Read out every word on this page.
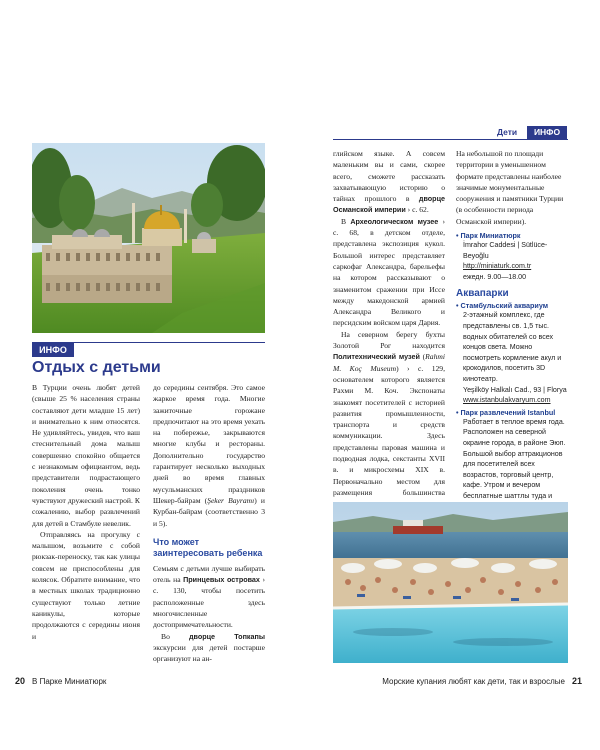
ИНФО
Отдых с детьми

В Турции очень любят детей (свыше 25 % населения страны составляют дети младше 15 лет) и внимательно к ним относятся. Не удивляйтесь, увидев, что ваш стеснительный дома малыш совершенно спокойно общается с незнакомым официантом, ведь представители подрастающего поколения очень тонко чувствуют дружеский настрой. К сожалению, выбор развлечений для детей в Стамбуле невелик.

Отправляясь на прогулку с малышом, возьмите с собой рюкзак-переноску, так как улицы совсем не приспособлены для колясок. Обратите внимание, что в местных школах традиционно существуют только летние каникулы, которые продолжаются с середины июня и

до середины сентября. Это самое жаркое время года. Многие зажиточные горожане предпочитают на это время уехать на побережье, закрываются многие клубы и рестораны. Дополнительно государство гарантирует несколько выходных дней во время главных мусульманских праздников Шекер-байрам (Şeker Bayramı) и Курбан-байрам (соответственно 3 и 5).

Что может заинтересовать ребенка

Семьям с детьми лучше выбирать отель на Принцевых островах › с. 130, чтобы посетить расположенные здесь многочисленные достопримечательности.

Во	дворце Топкапы экскурсии для детей постарше организуют на ан-

20 В Парке Миниатюрк
Дети	ИНФО

глийском языке. А совсем маленьким вы и сами, скорее всего, сможете рассказать захватывающую историю о тайнах прошлого в дворце Османской империи › с. 62.

В Археологическом музее › с. 68, в детском отделе, представлена экспозиция кукол. Большой интерес представляет саркофаг Александра, барельефы на котором рассказывают о знаменитом сражении при Иссе между македонской армией Александра Великого и персидским войском царя Дария.

На северном берегу бухты Золотой Рог находится Политехнический музей (Rahmi M. Koç Museum) › с. 129, основателем которого является Рахми М. Коч. Экспонаты знакомят посетителей с историей развития промышленности, транспорта и средств коммуникации. Здесь представлены паровая машина и подводная лодка, секстанты XVII в. и микросхемы XIX в. Первоначально местом для размещения большинства

На небольшой по площади территории в уменьшенном формате представлены наиболее значимые монументальные сооружения и памятники Турции (в особенности периода Османской империи).
• Парк Миниатюрк

İmrahor Caddesi | Sütlüce-Beyoğlu

http://miniaturk.com.tr

ежедн. 9.00—18.00

Аквапарки
• Стамбульский аквариум

2-этажный комплекс, где представлены св. 1,5 тыс. водных обитателей со всех концов света. Можно посмотреть кормление акул и крокодилов, посетить 3D кинотеатр.

Yeşilköy Halkalı Cad., 93 | Florya

www.istanbulakvaryum.com

• Парк развлечений Istanbul

Работает в теплое время года. Расположен на северной окраине города, в районе Эюп. Большой выбор аттракционов для посетителей всех возрастов, торговый центр, кафе. Утром и вечером бесплатные шаттлы туда и

Морские купания любят как дети, так и взрослые 21
